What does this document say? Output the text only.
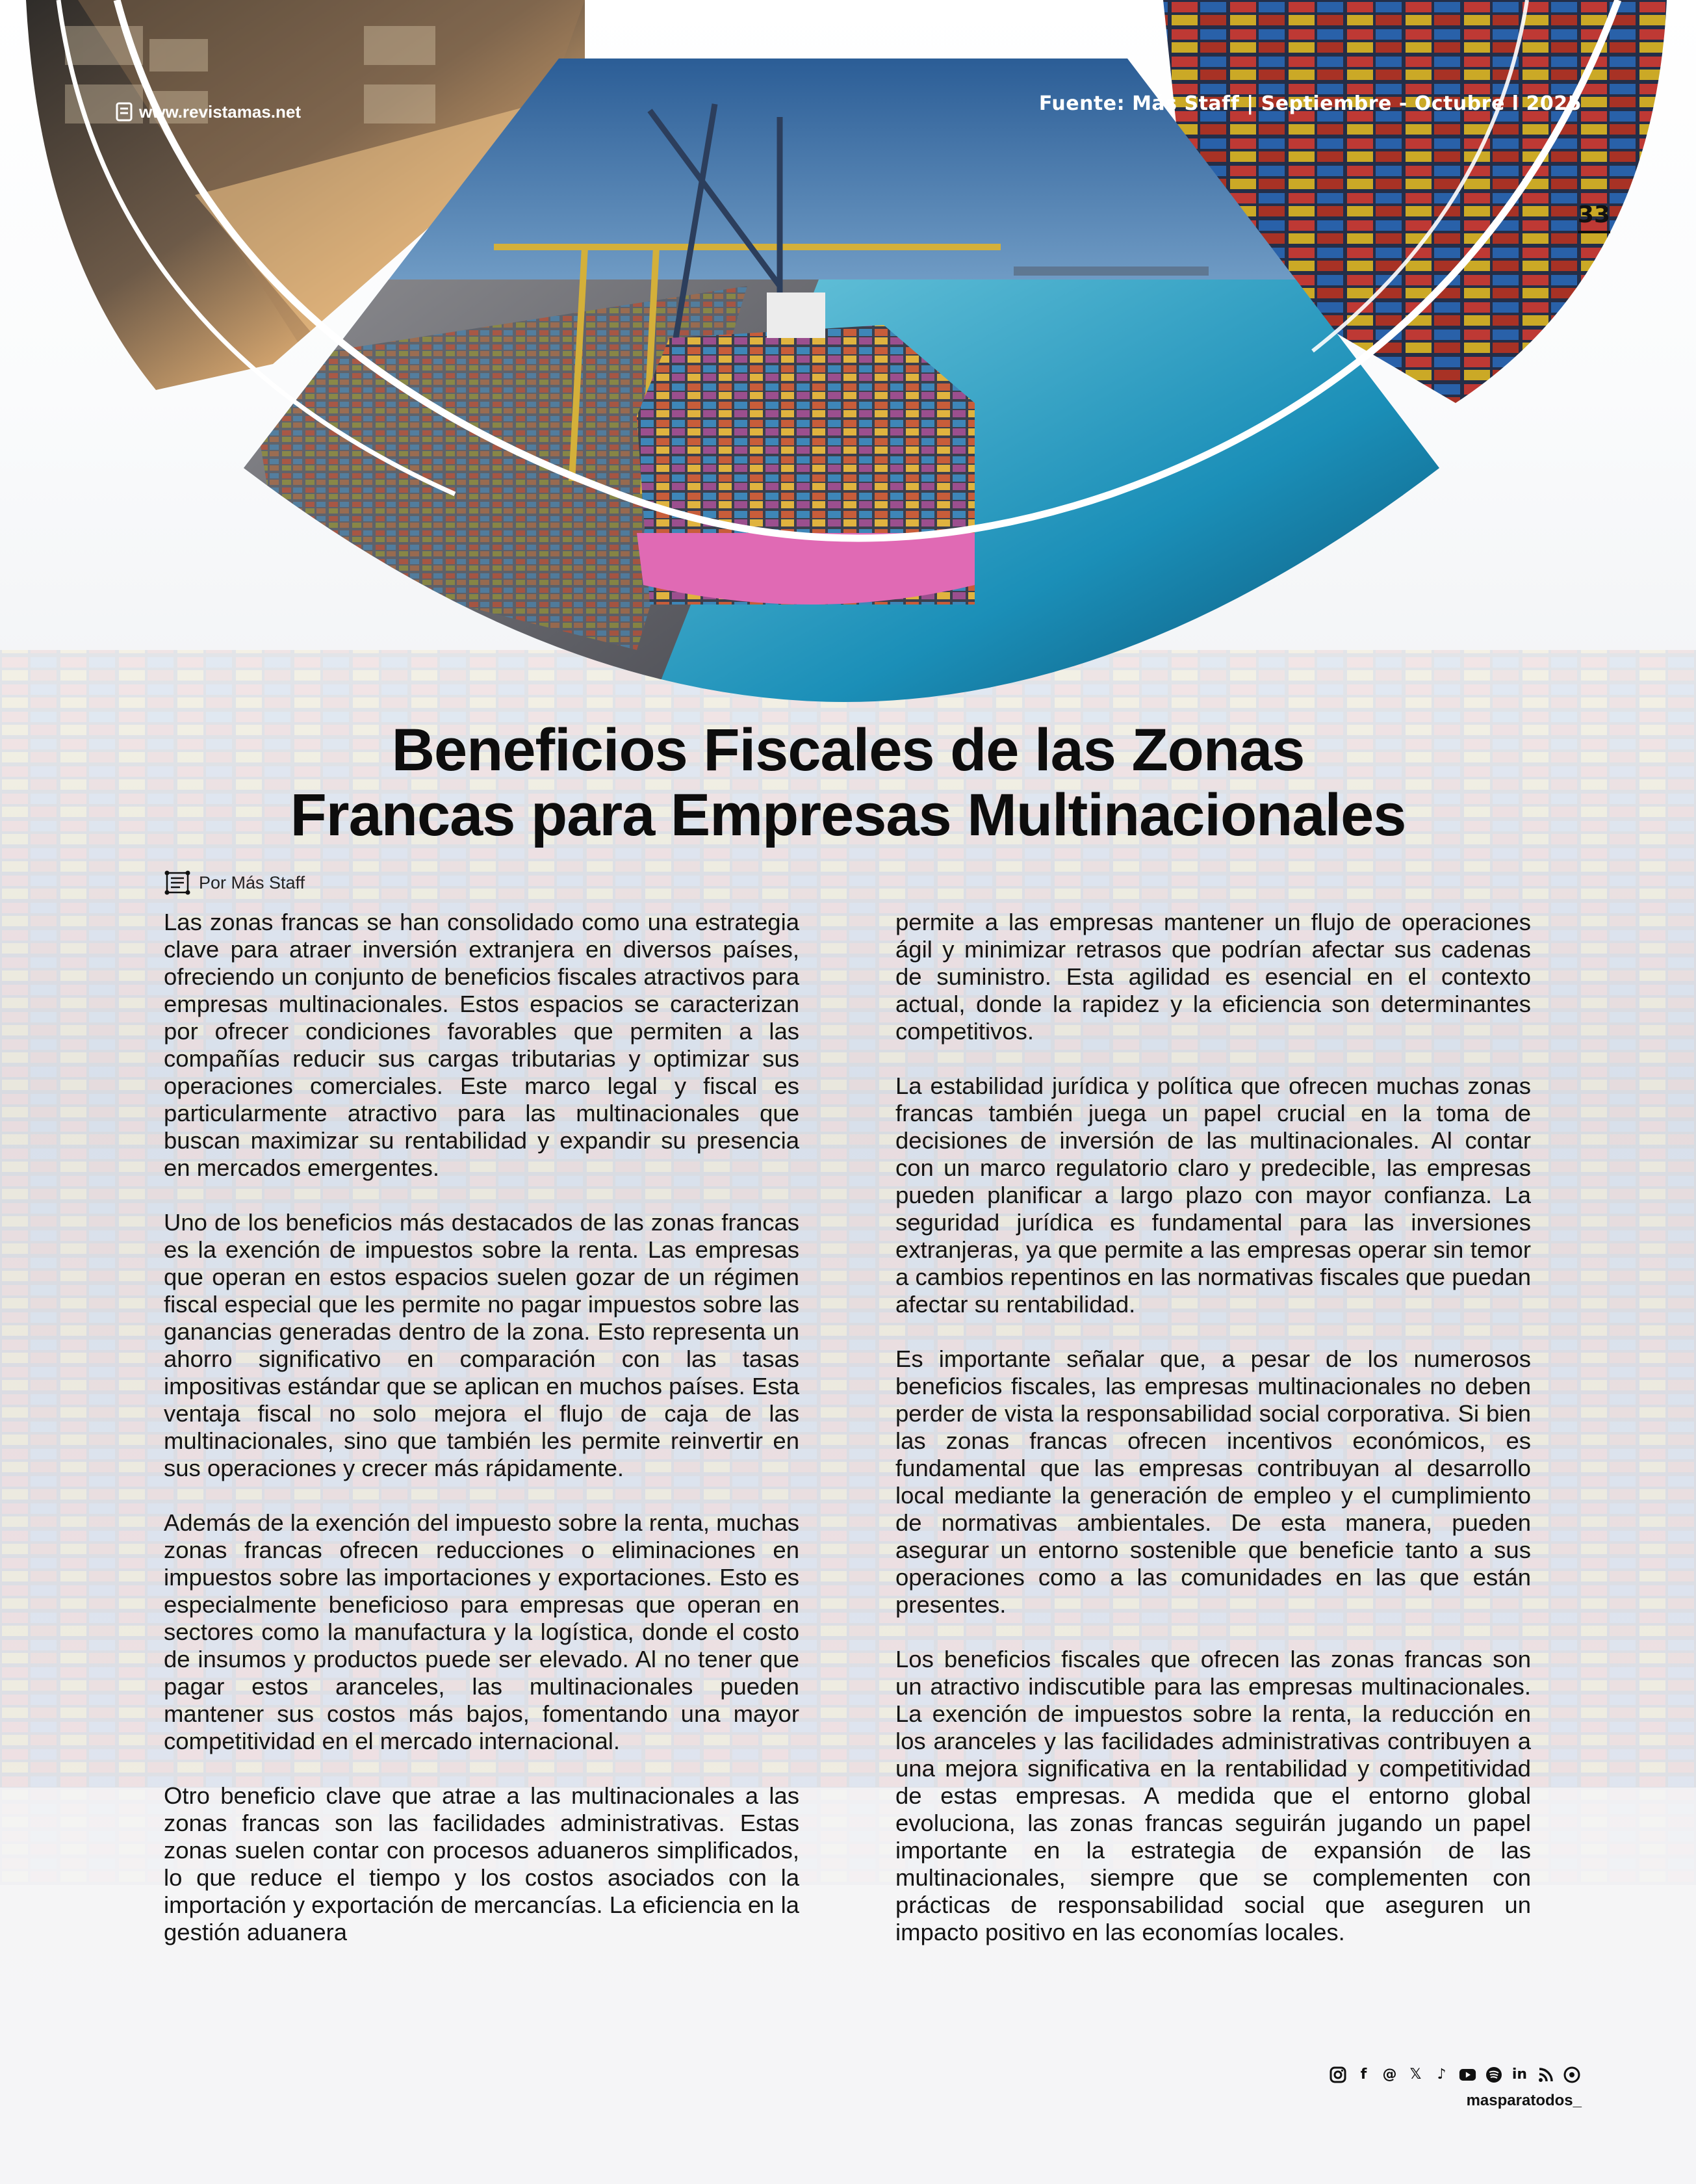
www.revistamas.net	Fuente: Más Staff | Septiembre - Octubre l 2025
33
Beneficios Fiscales de las Zonas
Francas para Empresas Multinacionales
Por Más Staff

Las zonas francas se han consolidado como una estrategia clave para atraer inversión extranjera en diversos países, ofreciendo un conjunto de beneficios fiscales atractivos para empresas multinacionales. Estos espacios se caracterizan por ofrecer condiciones favorables que permiten a las compañías reducir sus cargas tributarias y optimizar sus operaciones comerciales. Este marco legal y fiscal es particularmente atractivo para las multinacionales que buscan maximizar su rentabilidad y expandir su presencia en mercados emergentes.

Uno de los beneficios más destacados de las zonas francas es la exención de impuestos sobre la renta. Las empresas que operan en estos espacios suelen gozar de un régimen fiscal especial que les permite no pagar impuestos sobre las ganancias generadas dentro de la zona. Esto representa un ahorro significativo en comparación con las tasas impositivas estándar que se aplican en muchos países. Esta ventaja fiscal no solo mejora el flujo de caja de las multinacionales, sino que también les permite reinvertir en sus operaciones y crecer más rápidamente.

Además de la exención del impuesto sobre la renta, muchas zonas francas ofrecen reducciones o eliminaciones en impuestos sobre las importaciones y exportaciones. Esto es especialmente beneficioso para empresas que operan en sectores como la manufactura y la logística, donde el costo de insumos y productos puede ser elevado. Al no tener que pagar estos aranceles, las multinacionales pueden mantener sus costos más bajos, fomentando una mayor competitividad en el mercado internacional.

Otro beneficio clave que atrae a las multinacionales a las zonas francas son las facilidades administrativas. Estas zonas suelen contar con procesos aduaneros simplificados, lo que reduce el tiempo y los costos asociados con la importación y exportación de mercancías. La eficiencia en la gestión aduanera

permite a las empresas mantener un flujo de operaciones ágil y minimizar retrasos que podrían afectar sus cadenas de suministro. Esta agilidad es esencial en el contexto actual, donde la rapidez y la eficiencia son determinantes competitivos.

La estabilidad jurídica y política que ofrecen muchas zonas francas también juega un papel crucial en la toma de decisiones de inversión de las multinacionales. Al contar con un marco regulatorio claro y predecible, las empresas pueden planificar a largo plazo con mayor confianza. La seguridad jurídica es fundamental para las inversiones extranjeras, ya que permite a las empresas operar sin temor a cambios repentinos en las normativas fiscales que puedan afectar su rentabilidad.

Es importante señalar que, a pesar de los numerosos beneficios fiscales, las empresas multinacionales no deben perder de vista la responsabilidad social corporativa. Si bien las zonas francas ofrecen incentivos económicos, es fundamental que las empresas contribuyan al desarrollo local mediante la generación de empleo y el cumplimiento de normativas ambientales. De esta manera, pueden asegurar un entorno sostenible que beneficie tanto a sus operaciones como a las comunidades en las que están presentes.

Los beneficios fiscales que ofrecen las zonas francas son un atractivo indiscutible para las empresas multinacionales. La exención de impuestos sobre la renta, la reducción en los aranceles y las facilidades administrativas contribuyen a una mejora significativa en la rentabilidad y competitividad de estas empresas. A medida que el entorno global evoluciona, las zonas francas seguirán jugando un papel importante en la estrategia de expansión de las multinacionales, siempre que se complementen con prácticas de responsabilidad social que aseguren un impacto positivo en las economías locales.

f	@ 𝕏 ♪	in
masparatodos_
